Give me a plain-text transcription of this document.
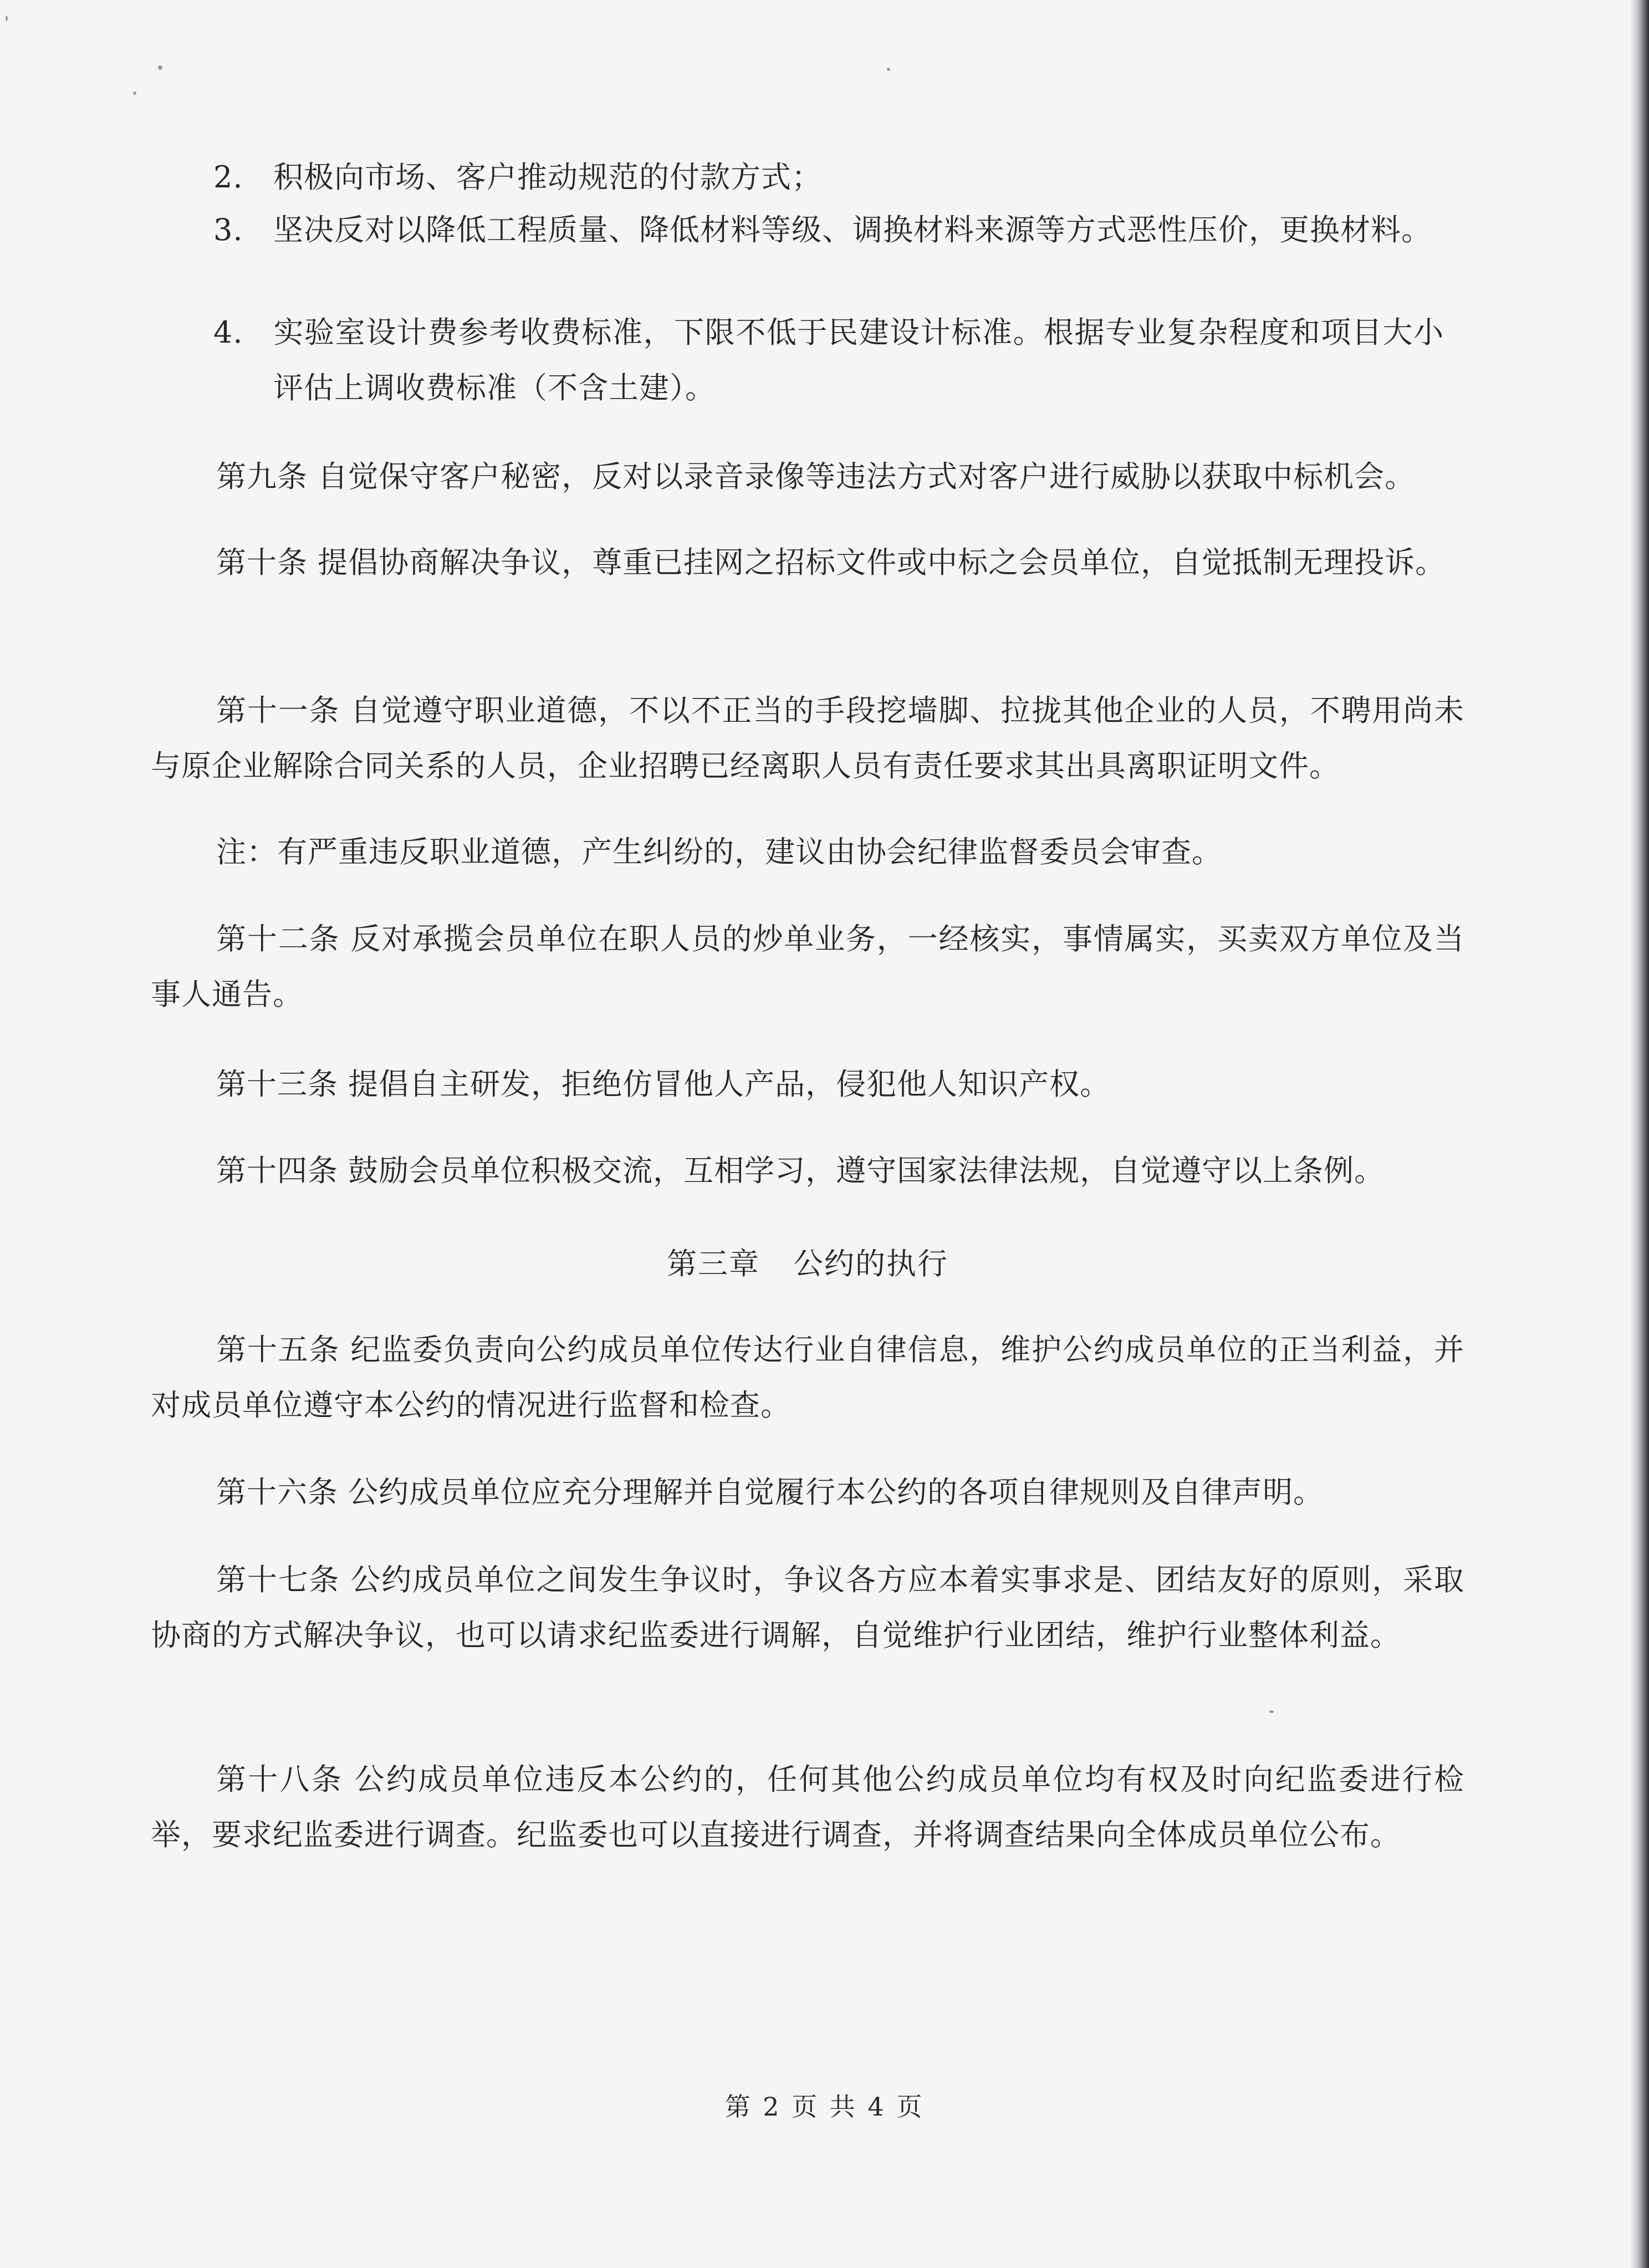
2. 积极向市场、客户推动规范的付款方式；

3. 坚决反对以降低工程质量、降低材料等级、调换材料来源等方式恶性压价，更换材料。

4. 实验室设计费参考收费标准，下限不低于民建设计标准。根据专业复杂程度和项目大小评估上调收费标准（不含土建）。

第九条 自觉保守客户秘密，反对以录音录像等违法方式对客户进行威胁以获取中标机会。

第十条 提倡协商解决争议，尊重已挂网之招标文件或中标之会员单位，自觉抵制无理投诉。

第十一条 自觉遵守职业道德，不以不正当的手段挖墙脚、拉拢其他企业的人员，不聘用尚未与原企业解除合同关系的人员，企业招聘已经离职人员有责任要求其出具离职证明文件。

注：有严重违反职业道德，产生纠纷的，建议由协会纪律监督委员会审查。

第十二条 反对承揽会员单位在职人员的炒单业务，一经核实，事情属实，买卖双方单位及当事人通告。

第十三条 提倡自主研发，拒绝仿冒他人产品，侵犯他人知识产权。

第十四条 鼓励会员单位积极交流，互相学习，遵守国家法律法规，自觉遵守以上条例。

第三章 公约的执行

第十五条 纪监委负责向公约成员单位传达行业自律信息，维护公约成员单位的正当利益，并对成员单位遵守本公约的情况进行监督和检查。

第十六条 公约成员单位应充分理解并自觉履行本公约的各项自律规则及自律声明。

第十七条 公约成员单位之间发生争议时，争议各方应本着实事求是、团结友好的原则，采取协商的方式解决争议，也可以请求纪监委进行调解，自觉维护行业团结，维护行业整体利益。

第十八条 公约成员单位违反本公约的，任何其他公约成员单位均有权及时向纪监委进行检举，要求纪监委进行调查。纪监委也可以直接进行调查，并将调查结果向全体成员单位公布。

第 2 页 共 4 页
